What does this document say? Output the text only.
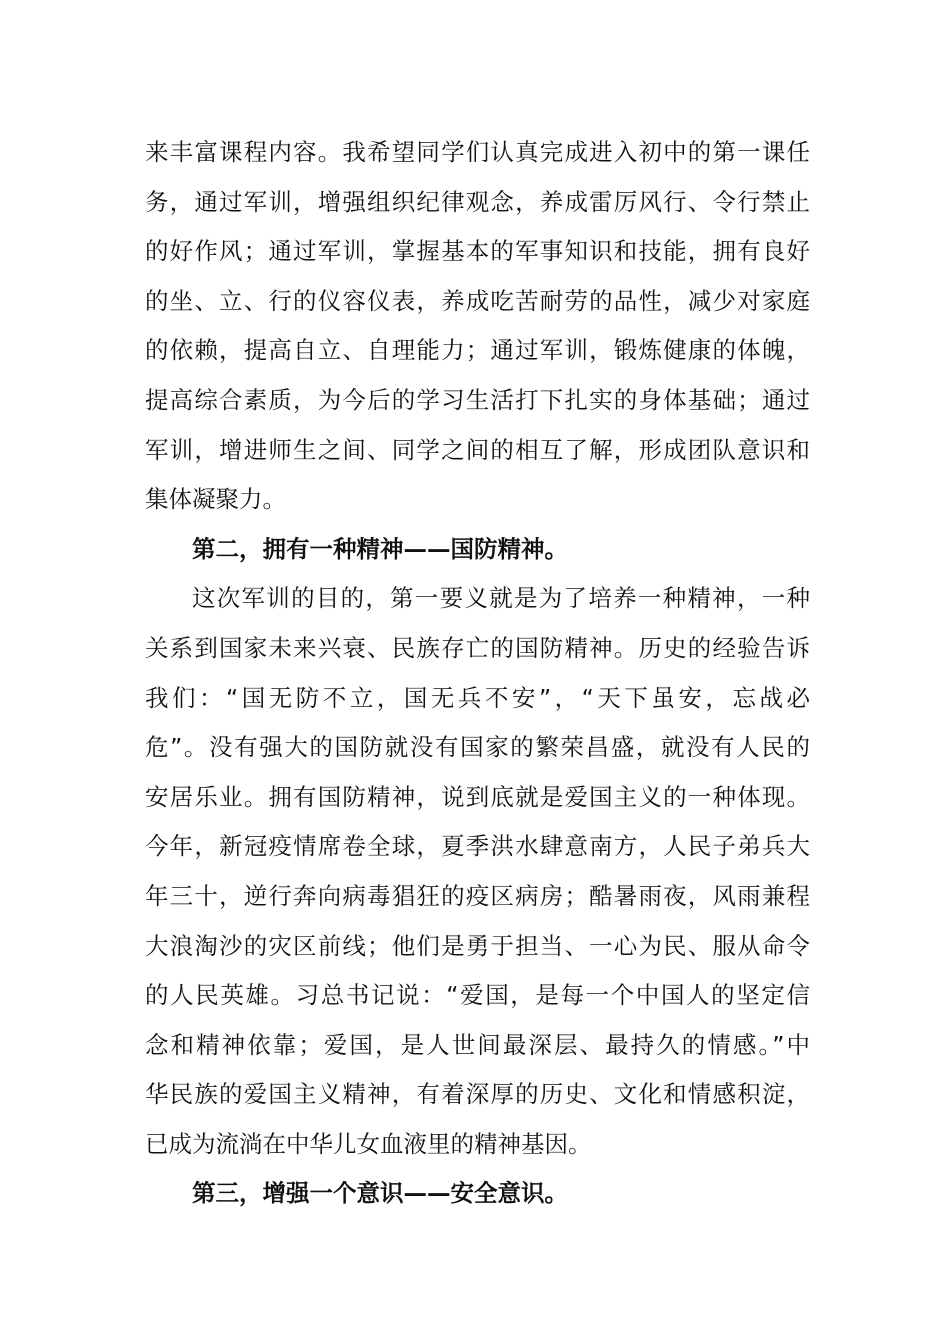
来丰富课程内容。我希望同学们认真完成进入初中的第一课任
务，通过军训，增强组织纪律观念，养成雷厉风行、令行禁止
的好作风；通过军训，掌握基本的军事知识和技能，拥有良好
的坐、立、行的仪容仪表，养成吃苦耐劳的品性，减少对家庭
的依赖，提高自立、自理能力；通过军训，锻炼健康的体魄，
提高综合素质，为今后的学习生活打下扎实的身体基础；通过
军训，增进师生之间、同学之间的相互了解，形成团队意识和
集体凝聚力。
第二，拥有一种精神——国防精神。
这次军训的目的，第一要义就是为了培养一种精神，一种
关系到国家未来兴衰、民族存亡的国防精神。历史的经验告诉
我们：“国无防不立，国无兵不安”，“天下虽安，忘战必
危”。没有强大的国防就没有国家的繁荣昌盛，就没有人民的
安居乐业。拥有国防精神，说到底就是爱国主义的一种体现。
今年，新冠疫情席卷全球，夏季洪水肆意南方，人民子弟兵大
年三十，逆行奔向病毒猖狂的疫区病房；酷暑雨夜，风雨兼程
大浪淘沙的灾区前线；他们是勇于担当、一心为民、服从命令
的人民英雄。习总书记说：“爱国，是每一个中国人的坚定信
念和精神依靠；爱国，是人世间最深层、最持久的情感。”中
华民族的爱国主义精神，有着深厚的历史、文化和情感积淀，
已成为流淌在中华儿女血液里的精神基因。
第三，增强一个意识——安全意识。
